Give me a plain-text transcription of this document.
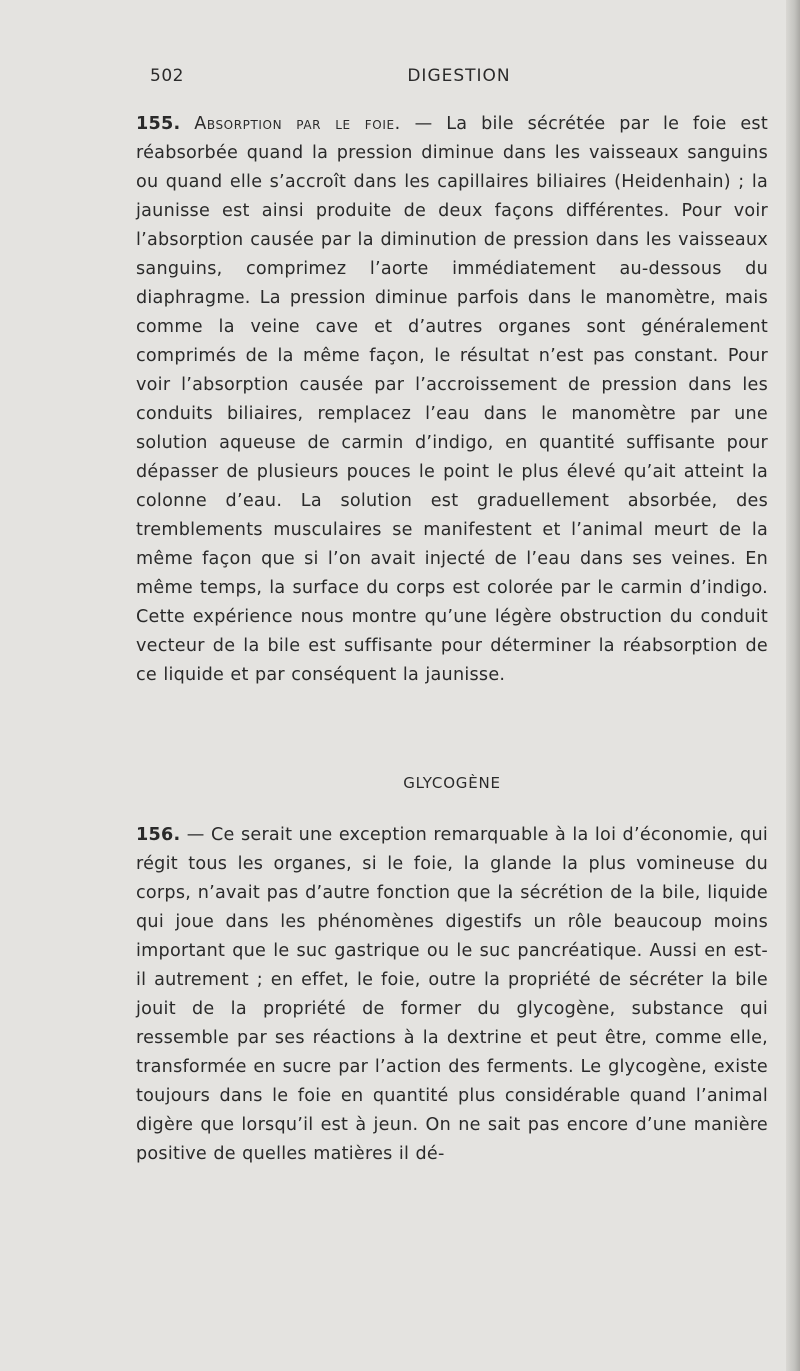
502	DIGESTION

155. Absorption par le foie. — La bile sécrétée par le foie est réabsorbée quand la pression diminue dans les vaisseaux sanguins ou quand elle s’accroît dans les capillaires biliaires (Heidenhain) ; la jaunisse est ainsi produite de deux façons différentes. Pour voir l’absorption causée par la diminution de pression dans les vaisseaux sanguins, comprimez l’aorte immédiatement au-dessous du diaphragme. La pression diminue parfois dans le manomètre, mais comme la veine cave et d’autres organes sont généralement comprimés de la même façon, le résultat n’est pas constant. Pour voir l’absorption causée par l’accroissement de pression dans les conduits biliaires, remplacez l’eau dans le manomètre par une solution aqueuse de carmin d’indigo, en quantité suffisante pour dépasser de plusieurs pouces le point le plus élevé qu’ait atteint la colonne d’eau. La solution est graduellement absorbée, des tremblements musculaires se manifestent et l’animal meurt de la même façon que si l’on avait injecté de l’eau dans ses veines. En même temps, la surface du corps est colorée par le carmin d’indigo. Cette expérience nous montre qu’une légère obstruction du conduit vecteur de la bile est suffisante pour déterminer la réabsorption de ce liquide et par conséquent la jaunisse.

GLYCOGÈNE

156. — Ce serait une exception remarquable à la loi d’économie, qui régit tous les organes, si le foie, la glande la plus vomineuse du corps, n’avait pas d’autre fonction que la sécrétion de la bile, liquide qui joue dans les phénomènes digestifs un rôle beaucoup moins important que le suc gastrique ou le suc pancréatique. Aussi en est-il autrement ; en effet, le foie, outre la propriété de sécréter la bile jouit de la propriété de former du glycogène, substance qui ressemble par ses réactions à la dextrine et peut être, comme elle, transformée en sucre par l’action des ferments. Le glycogène, existe toujours dans le foie en quantité plus considérable quand l’animal digère que lorsqu’il est à jeun. On ne sait pas encore d’une manière positive de quelles matières il dé-
